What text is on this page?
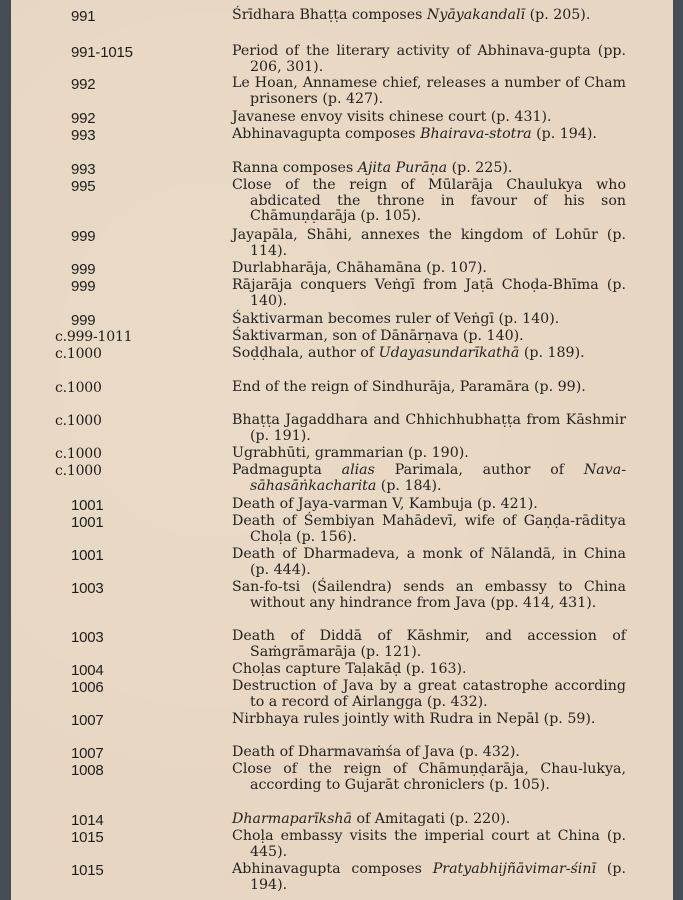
991	Śrīdhara Bhaṭṭa composes Nyāyakandalī (p. 205).
991-1015	Period of the literary activity of Abhinava-gupta (pp. 206, 301).
992	Le Hoan, Annamese chief, releases a number of Cham prisoners (p. 427).
992	Javanese envoy visits chinese court (p. 431).
993	Abhinavagupta composes Bhairava-stotra (p. 194).
993	Ranna composes Ajita Purāṇa (p. 225).
995	Close of the reign of Mūlarāja Chaulukya who abdicated the throne in favour of his son Chāmuṇḍarāja (p. 105).
999	Jayapāla, Shāhi, annexes the kingdom of Lohūr (p. 114).
999	Durlabharāja, Chāhamāna (p. 107).
999	Rājarāja conquers Veṅgī from Jaṭā Choḍa-Bhīma (p. 140).
999	Śaktivarman becomes ruler of Veṅgī (p. 140).
c.999-1011	Śaktivarman, son of Dānārṇava (p. 140).
c.1000	Soḍḍhala, author of Udayasundarīkathā (p. 189).
c.1000	End of the reign of Sindhurāja, Paramāra (p. 99).
c.1000	Bhaṭṭa Jagaddhara and Chhichhubhaṭṭa from Kāshmir (p. 191).
c.1000	Ugrabhūti, grammarian (p. 190).
c.1000	Padmagupta alias Parimala, author of Nava-sāhasāṅkacharita (p. 184).
1001	Death of Jaya-varman V, Kambuja (p. 421).
1001	Death of Śembiyan Mahādevī, wife of Gaṇḍa-rāditya Choḷa (p. 156).
1001	Death of Dharmadeva, a monk of Nālandā, in China (p. 444).
1003	San-fo-tsi (Śailendra) sends an embassy to China without any hindrance from Java (pp. 414, 431).
1003	Death of Diddā of Kāshmir, and accession of Saṁgrāmarāja (p. 121).
1004	Choḷas capture Taḷakāḍ (p. 163).
1006	Destruction of Java by a great catastrophe according to a record of Airlangga (p. 432).
1007	Nirbhaya rules jointly with Rudra in Nepāl (p. 59).
1007	Death of Dharmavaṁśa of Java (p. 432).
1008	Close of the reign of Chāmuṇḍarāja, Chau-lukya, according to Gujarāt chroniclers (p. 105).
1014	Dharmaparīkshā of Amitagati (p. 220).
1015	Choḷa embassy visits the imperial court at China (p. 445).
1015	Abhinavagupta composes Pratyabhijñāvimar-śinī (p. 194).
